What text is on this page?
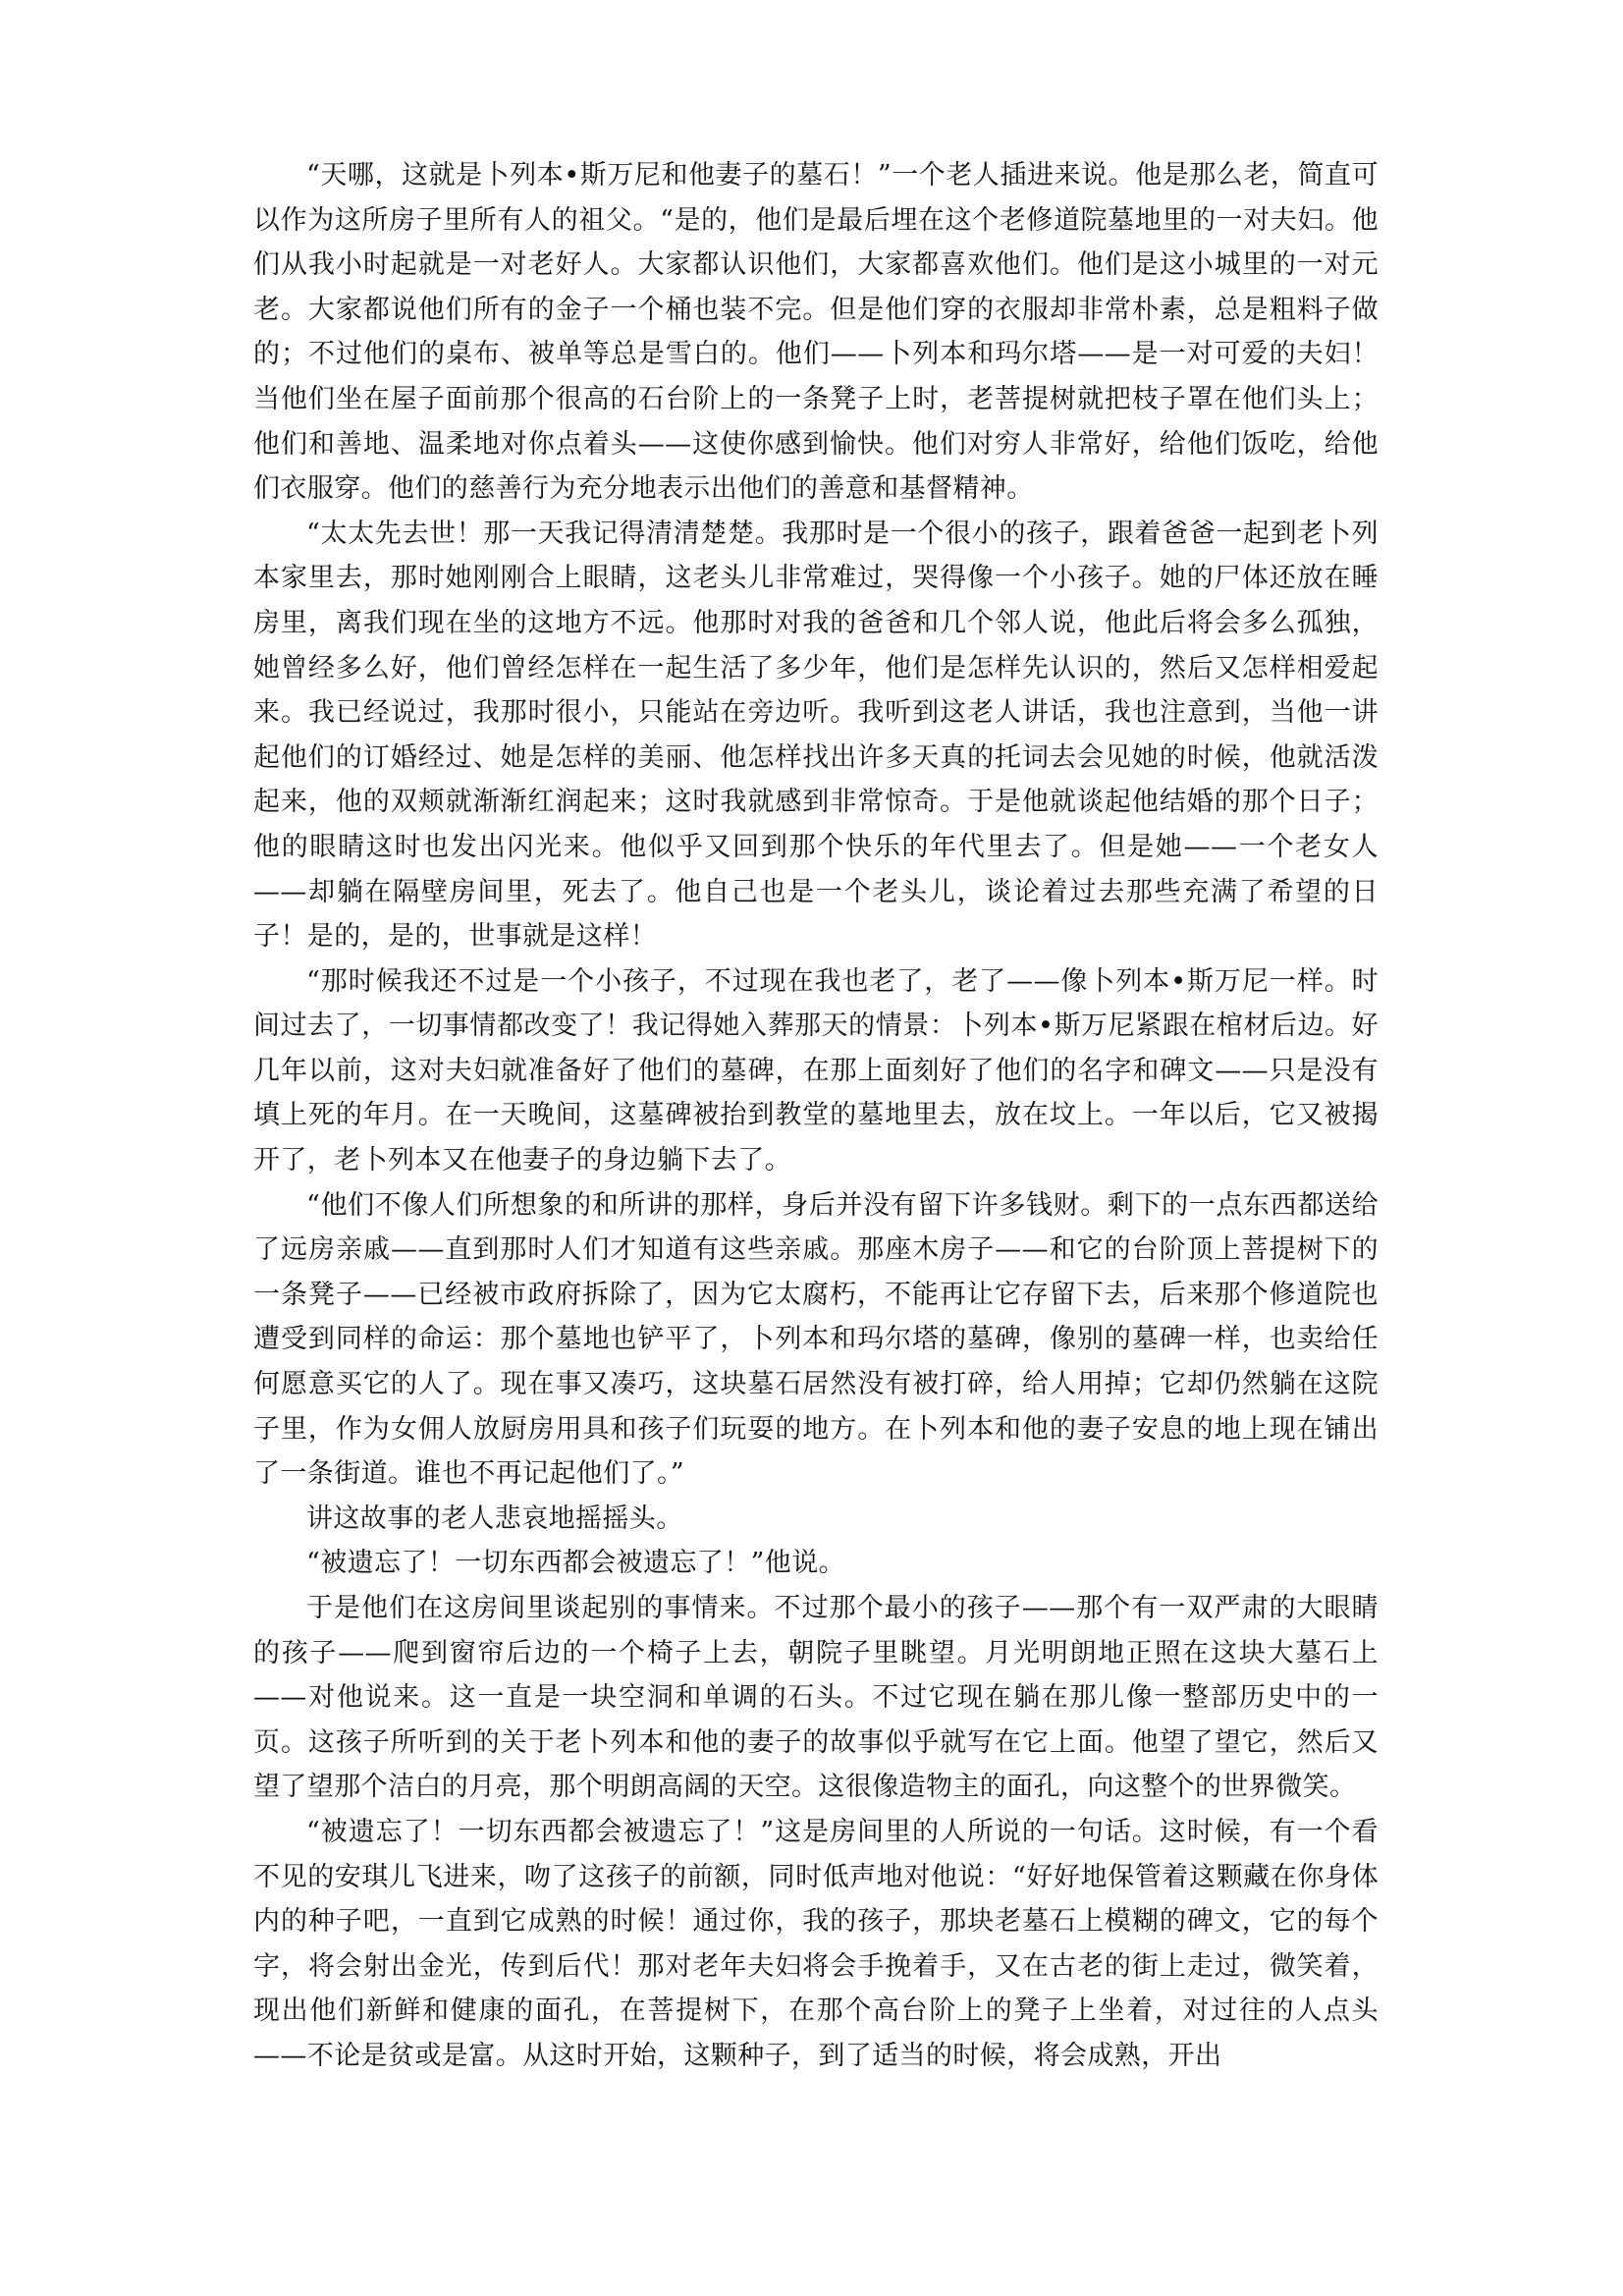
“天哪，这就是卜列本•斯万尼和他妻子的墓石！”一个老人插进来说。他是那么老，简直可以作为这所房子里所有人的祖父。“是的，他们是最后埋在这个老修道院墓地里的一对夫妇。他们从我小时起就是一对老好人。大家都认识他们，大家都喜欢他们。他们是这小城里的一对元老。大家都说他们所有的金子一个桶也装不完。但是他们穿的衣服却非常朴素，总是粗料子做的；不过他们的桌布、被单等总是雪白的。他们——卜列本和玛尔塔——是一对可爱的夫妇！当他们坐在屋子面前那个很高的石台阶上的一条凳子上时，老菩提树就把枝子罩在他们头上；他们和善地、温柔地对你点着头——这使你感到愉快。他们对穷人非常好，给他们饭吃，给他们衣服穿。他们的慈善行为充分地表示出他们的善意和基督精神。

“太太先去世！那一天我记得清清楚楚。我那时是一个很小的孩子，跟着爸爸一起到老卜列本家里去，那时她刚刚合上眼睛，这老头儿非常难过，哭得像一个小孩子。她的尸体还放在睡房里，离我们现在坐的这地方不远。他那时对我的爸爸和几个邻人说，他此后将会多么孤独，她曾经多么好，他们曾经怎样在一起生活了多少年，他们是怎样先认识的，然后又怎样相爱起来。我已经说过，我那时很小，只能站在旁边听。我听到这老人讲话，我也注意到，当他一讲起他们的订婚经过、她是怎样的美丽、他怎样找出许多天真的托词去会见她的时候，他就活泼起来，他的双颊就渐渐红润起来；这时我就感到非常惊奇。于是他就谈起他结婚的那个日子；他的眼睛这时也发出闪光来。他似乎又回到那个快乐的年代里去了。但是她——一个老女人——却躺在隔壁房间里，死去了。他自己也是一个老头儿，谈论着过去那些充满了希望的日子！是的，是的，世事就是这样！

“那时候我还不过是一个小孩子，不过现在我也老了，老了——像卜列本•斯万尼一样。时间过去了，一切事情都改变了！我记得她入葬那天的情景：卜列本•斯万尼紧跟在棺材后边。好几年以前，这对夫妇就准备好了他们的墓碑，在那上面刻好了他们的名字和碑文——只是没有填上死的年月。在一天晚间，这墓碑被抬到教堂的墓地里去，放在坟上。一年以后，它又被揭开了，老卜列本又在他妻子的身边躺下去了。

“他们不像人们所想象的和所讲的那样，身后并没有留下许多钱财。剩下的一点东西都送给了远房亲戚——直到那时人们才知道有这些亲戚。那座木房子——和它的台阶顶上菩提树下的一条凳子——已经被市政府拆除了，因为它太腐朽，不能再让它存留下去，后来那个修道院也遭受到同样的命运：那个墓地也铲平了，卜列本和玛尔塔的墓碑，像别的墓碑一样，也卖给任何愿意买它的人了。现在事又凑巧，这块墓石居然没有被打碎，给人用掉；它却仍然躺在这院子里，作为女佣人放厨房用具和孩子们玩耍的地方。在卜列本和他的妻子安息的地上现在铺出了一条街道。谁也不再记起他们了。”

讲这故事的老人悲哀地摇摇头。

“被遗忘了！一切东西都会被遗忘了！”他说。

于是他们在这房间里谈起别的事情来。不过那个最小的孩子——那个有一双严肃的大眼睛的孩子——爬到窗帘后边的一个椅子上去，朝院子里眺望。月光明朗地正照在这块大墓石上——对他说来。这一直是一块空洞和单调的石头。不过它现在躺在那儿像一整部历史中的一页。这孩子所听到的关于老卜列本和他的妻子的故事似乎就写在它上面。他望了望它，然后又望了望那个洁白的月亮，那个明朗高阔的天空。这很像造物主的面孔，向这整个的世界微笑。

“被遗忘了！一切东西都会被遗忘了！”这是房间里的人所说的一句话。这时候，有一个看不见的安琪儿飞进来，吻了这孩子的前额，同时低声地对他说：“好好地保管着这颗藏在你身体内的种子吧，一直到它成熟的时候！通过你，我的孩子，那块老墓石上模糊的碑文，它的每个字，将会射出金光，传到后代！那对老年夫妇将会手挽着手，又在古老的街上走过，微笑着，现出他们新鲜和健康的面孔，在菩提树下，在那个高台阶上的凳子上坐着，对过往的人点头——不论是贫或是富。从这时开始，这颗种子，到了适当的时候，将会成熟，开出
